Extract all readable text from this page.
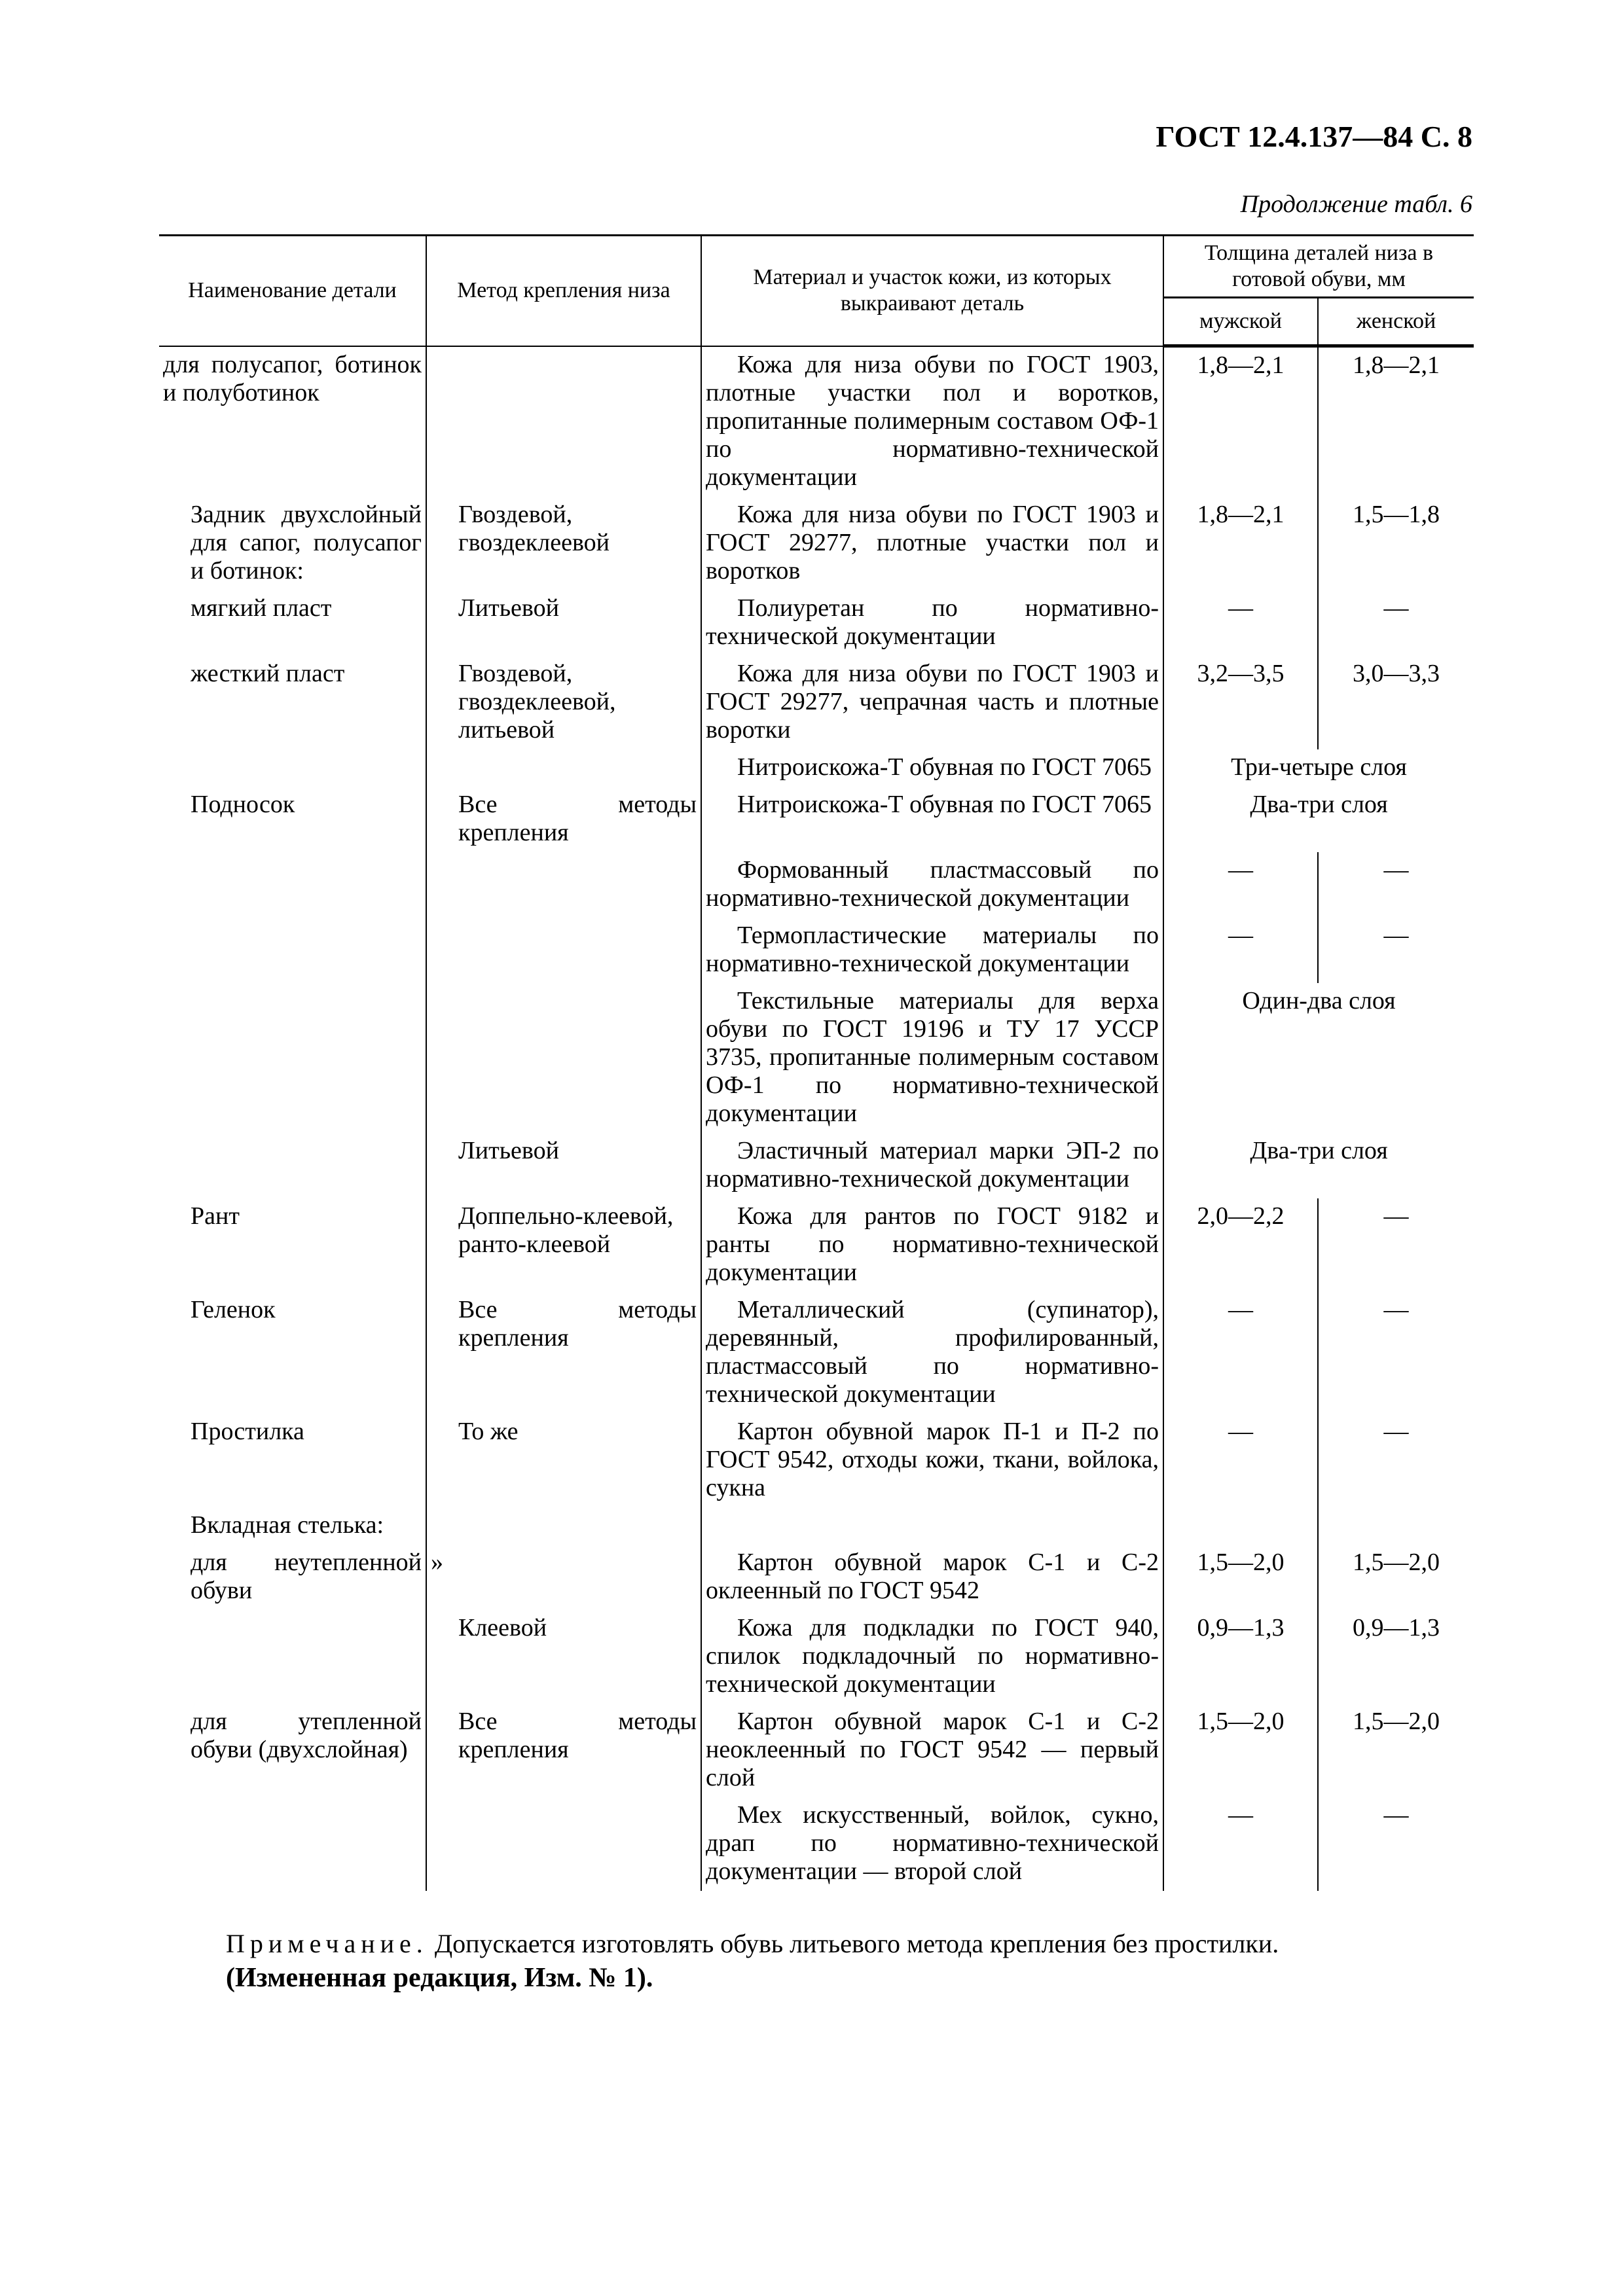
ГОСТ 12.4.137—84 С. 8
Продолжение табл. 6
Наименование детали	Метод крепления низа	Материал и участок кожи, из которых выкраивают деталь	Толщина деталей низа в готовой обуви, мм	
			мужской	женской
для полусапог, ботинок и полуботинок		Кожа для низа обуви по ГОСТ 1903, плотные участки пол и воротков, пропитанные полимерным составом ОФ-1 по нормативно-технической документации	1,8—2,1	1,8—2,1
Задник двухслойный для сапог, полусапог и ботинок:	Гвоздевой, гвоздеклеевой	Кожа для низа обуви по ГОСТ 1903 и ГОСТ 29277, плотные участки пол и воротков	1,8—2,1	1,5—1,8
мягкий пласт	Литьевой	Полиуретан по нормативно-технической документации	—	—
жесткий пласт	Гвоздевой, гвоздеклеевой, литьевой	Кожа для низа обуви по ГОСТ 1903 и ГОСТ 29277, чепрачная часть и плотные воротки	3,2—3,5	3,0—3,3
		Нитроискожа-Т обувная по ГОСТ 7065	Три-четыре слоя	
Подносок	Все методы крепления	Нитроискожа-Т обувная по ГОСТ 7065	Два-три слоя	
		Формованный пластмассовый по нормативно-технической документации	—	—
		Термопластические материалы по нормативно-технической документации	—	—
		Текстильные материалы для верха обуви по ГОСТ 19196 и ТУ 17 УССР 3735, пропитанные полимерным составом ОФ-1 по нормативно-технической документации	Один-два слоя	
	Литьевой	Эластичный материал марки ЭП-2 по нормативно-технической документации	Два-три слоя	
Рант	Доппельно-клеевой, ранто-клеевой	Кожа для рантов по ГОСТ 9182 и ранты по нормативно-технической документации	2,0—2,2	—
Геленок	Все методы крепления	Металлический (супинатор), деревянный, профилированный, пластмассовый по нормативно-технической документации	—	—
Простилка	То же	Картон обувной марок П-1 и П-2 по ГОСТ 9542, отходы кожи, ткани, войлока, сукна	—	—
Вкладная стелька:				
для неутепленной обуви	»	Картон обувной марок С-1 и С-2 оклеенный по ГОСТ 9542	1,5—2,0	1,5—2,0
	Клеевой	Кожа для подкладки по ГОСТ 940, спилок подкладочный по нормативно-технической документации	0,9—1,3	0,9—1,3
для утепленной обуви (двухслойная)	Все методы крепления	Картон обувной марок С-1 и С-2 неоклеенный по ГОСТ 9542 — первый слой	1,5—2,0	1,5—2,0
		Мех искусственный, войлок, сукно, драп по нормативно-технической документации — второй слой	—	—
Примечание. Допускается изготовлять обувь литьевого метода крепления без простилки.
(Измененная редакция, Изм. № 1).
